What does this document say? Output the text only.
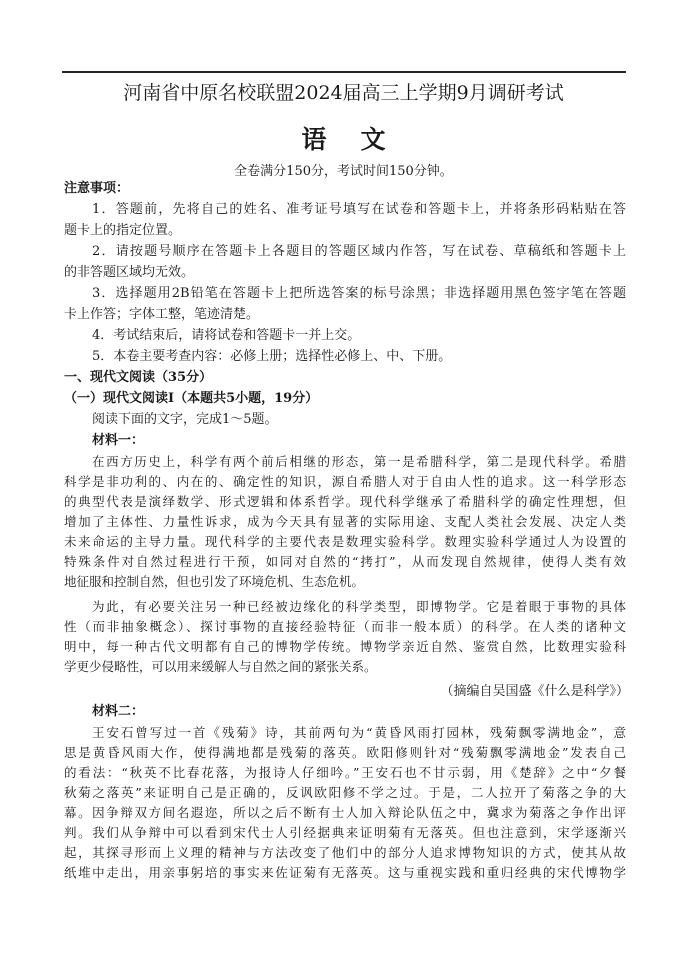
河南省中原名校联盟2024届高三上学期9月调研考试
语文
全卷满分150分，考试时间150分钟。
注意事项：
1．答题前，先将自己的姓名、准考证号填写在试卷和答题卡上，并将条形码粘贴在答
题卡上的指定位置。
2．请按题号顺序在答题卡上各题目的答题区域内作答，写在试卷、草稿纸和答题卡上
的非答题区域均无效。
3．选择题用2B铅笔在答题卡上把所选答案的标号涂黑；非选择题用黑色签字笔在答题
卡上作答；字体工整，笔迹清楚。
4．考试结束后，请将试卷和答题卡一并上交。
5．本卷主要考查内容：必修上册；选择性必修上、中、下册。
一、现代文阅读（35分）
（一）现代文阅读Ⅰ（本题共5小题，19分）
阅读下面的文字，完成1～5题。
材料一：
在西方历史上，科学有两个前后相继的形态，第一是希腊科学，第二是现代科学。希腊
科学是非功利的、内在的、确定性的知识，源自希腊人对于自由人性的追求。这一科学形态
的典型代表是演绎数学、形式逻辑和体系哲学。现代科学继承了希腊科学的确定性理想，但
增加了主体性、力量性诉求，成为今天具有显著的实际用途、支配人类社会发展、决定人类
未来命运的主导力量。现代科学的主要代表是数理实验科学。数理实验科学通过人为设置的
特殊条件对自然过程进行干预，如同对自然的“拷打”，从而发现自然规律，使得人类有效
地征服和控制自然，但也引发了环境危机、生态危机。
为此，有必要关注另一种已经被边缘化的科学类型，即博物学。它是着眼于事物的具体
性（而非抽象概念）、探讨事物的直接经验特征（而非一般本质）的科学。在人类的诸种文
明中，每一种古代文明都有自己的博物学传统。博物学亲近自然、鉴赏自然，比数理实验科
学更少侵略性，可以用来缓解人与自然之间的紧张关系。
（摘编自吴国盛《什么是科学》）
材料二：
王安石曾写过一首《残菊》诗，其前两句为“黄昏风雨打园林，残菊飘零满地金”，意
思是黄昏风雨大作，使得满地都是残菊的落英。欧阳修则针对“残菊飘零满地金”发表自己
的看法：“秋英不比春花落，为报诗人仔细吟。”王安石也不甘示弱，用《楚辞》之中“夕餐
秋菊之落英”来证明自己是正确的，反讽欧阳修不学之过。于是，二人拉开了菊落之争的大
幕。因争辩双方间名遐迩，所以之后不断有士人加入辩论队伍之中，冀求为菊落之争作出评
判。我们从争辩中可以看到宋代士人引经据典来证明菊有无落英。但也注意到，宋学逐渐兴
起，其探寻形而上义理的精神与方法改变了他们中的部分人追求博物知识的方式，使其从故
纸堆中走出，用亲事躬培的事实来佐证菊有无落英。这与重视实践和重归经典的宋代博物学
